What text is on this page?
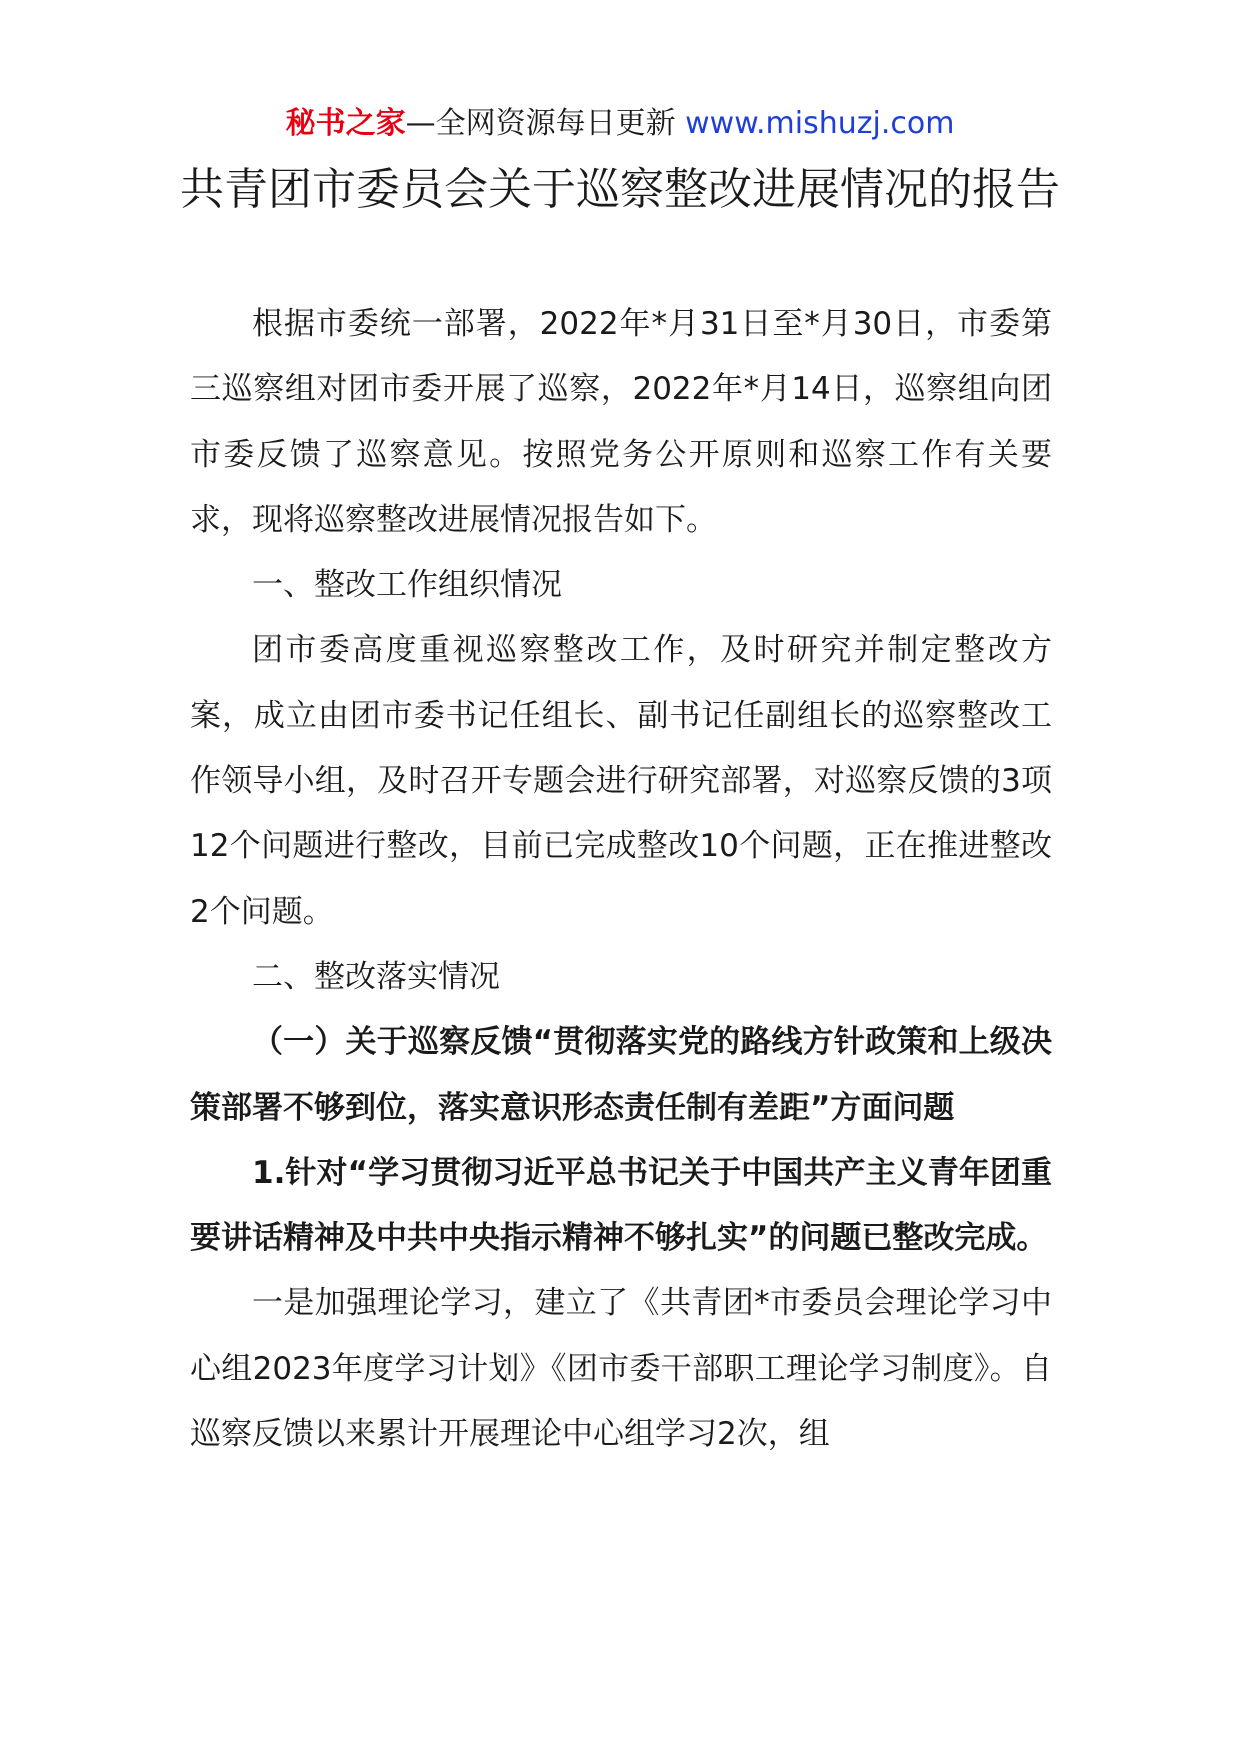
秘书之家—全网资源每日更新 www.mishuzj.com
共青团市委员会关于巡察整改进展情况的报告

根据市委统一部署，2022年*月31日至*月30日，市委第三巡察组对团市委开展了巡察，2022年*月14日，巡察组向团市委反馈了巡察意见。按照党务公开原则和巡察工作有关要求，现将巡察整改进展情况报告如下。

一、整改工作组织情况

团市委高度重视巡察整改工作，及时研究并制定整改方案，成立由团市委书记任组长、副书记任副组长的巡察整改工作领导小组，及时召开专题会进行研究部署，对巡察反馈的3项12个问题进行整改，目前已完成整改10个问题，正在推进整改2个问题。

二、整改落实情况

（一）关于巡察反馈“贯彻落实党的路线方针政策和上级决策部署不够到位，落实意识形态责任制有差距”方面问题

1.针对“学习贯彻习近平总书记关于中国共产主义青年团重要讲话精神及中共中央指示精神不够扎实”的问题已整改完成。

一是加强理论学习，建立了《共青团*市委员会理论学习中心组2023年度学习计划》《团市委干部职工理论学习制度》。自巡察反馈以来累计开展理论中心组学习2次，组
